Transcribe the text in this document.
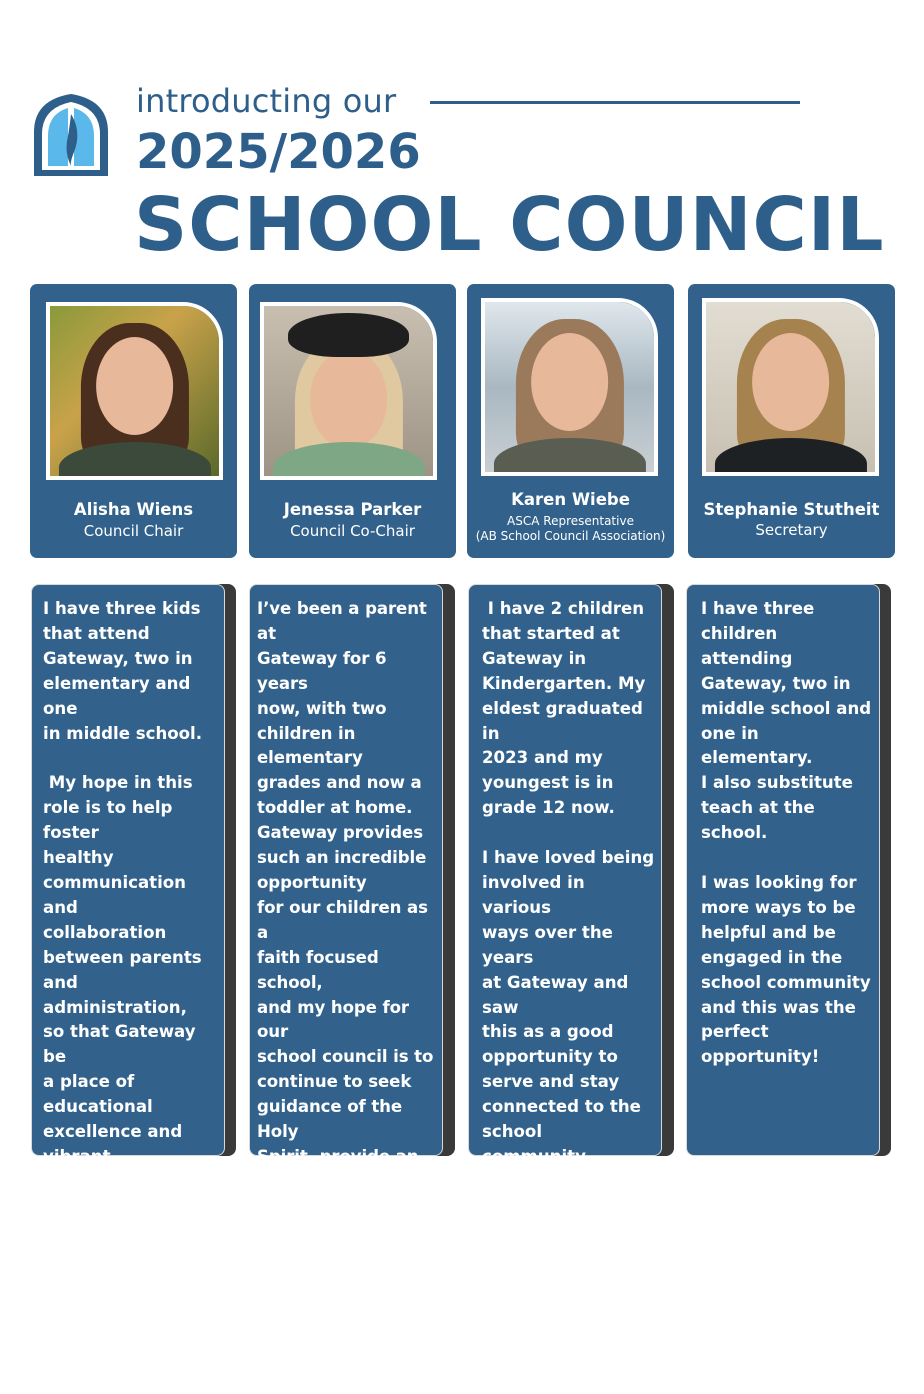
introducting our
2025/2026
SCHOOL COUNCIL
Alisha Wiens
Council Chair
Jenessa Parker
Council Co-Chair
Karen Wiebe
ASCA Representative
(AB School Council Association)
Stephanie Stutheit
Secretary
I have three kids
that attend
Gateway, two in
elementary and one
in middle school.

My hope in this
role is to help foster
healthy
communication and
collaboration
between parents
and administration,
so that Gateway be
a place of
educational
excellence and
vibrant community
founded on the love
of Christ.
I’ve been a parent at
Gateway for 6 years
now, with two
children in elementary
grades and now a
toddler at home.
Gateway provides
such an incredible
opportunity
for our children as a
faith focused school,
and my hope for our
school council is to
continue to seek
guidance of the Holy
Spirit, provide an
accurate voice for
parents in our school
community and
district, and facilitate
connection within the
school.
I have 2 children
that started at
Gateway in
Kindergarten. My
eldest graduated in
2023 and my
youngest is in
grade 12 now.

I have loved being
involved in various
ways over the years
at Gateway and saw
this as a good
opportunity to
serve and stay
connected to the
school community.
I have three
children attending
Gateway, two in
middle school and
one in elementary.
I also substitute
teach at the
school.

I was looking for
more ways to be
helpful and be
engaged in the
school community
and this was the
perfect
opportunity!
